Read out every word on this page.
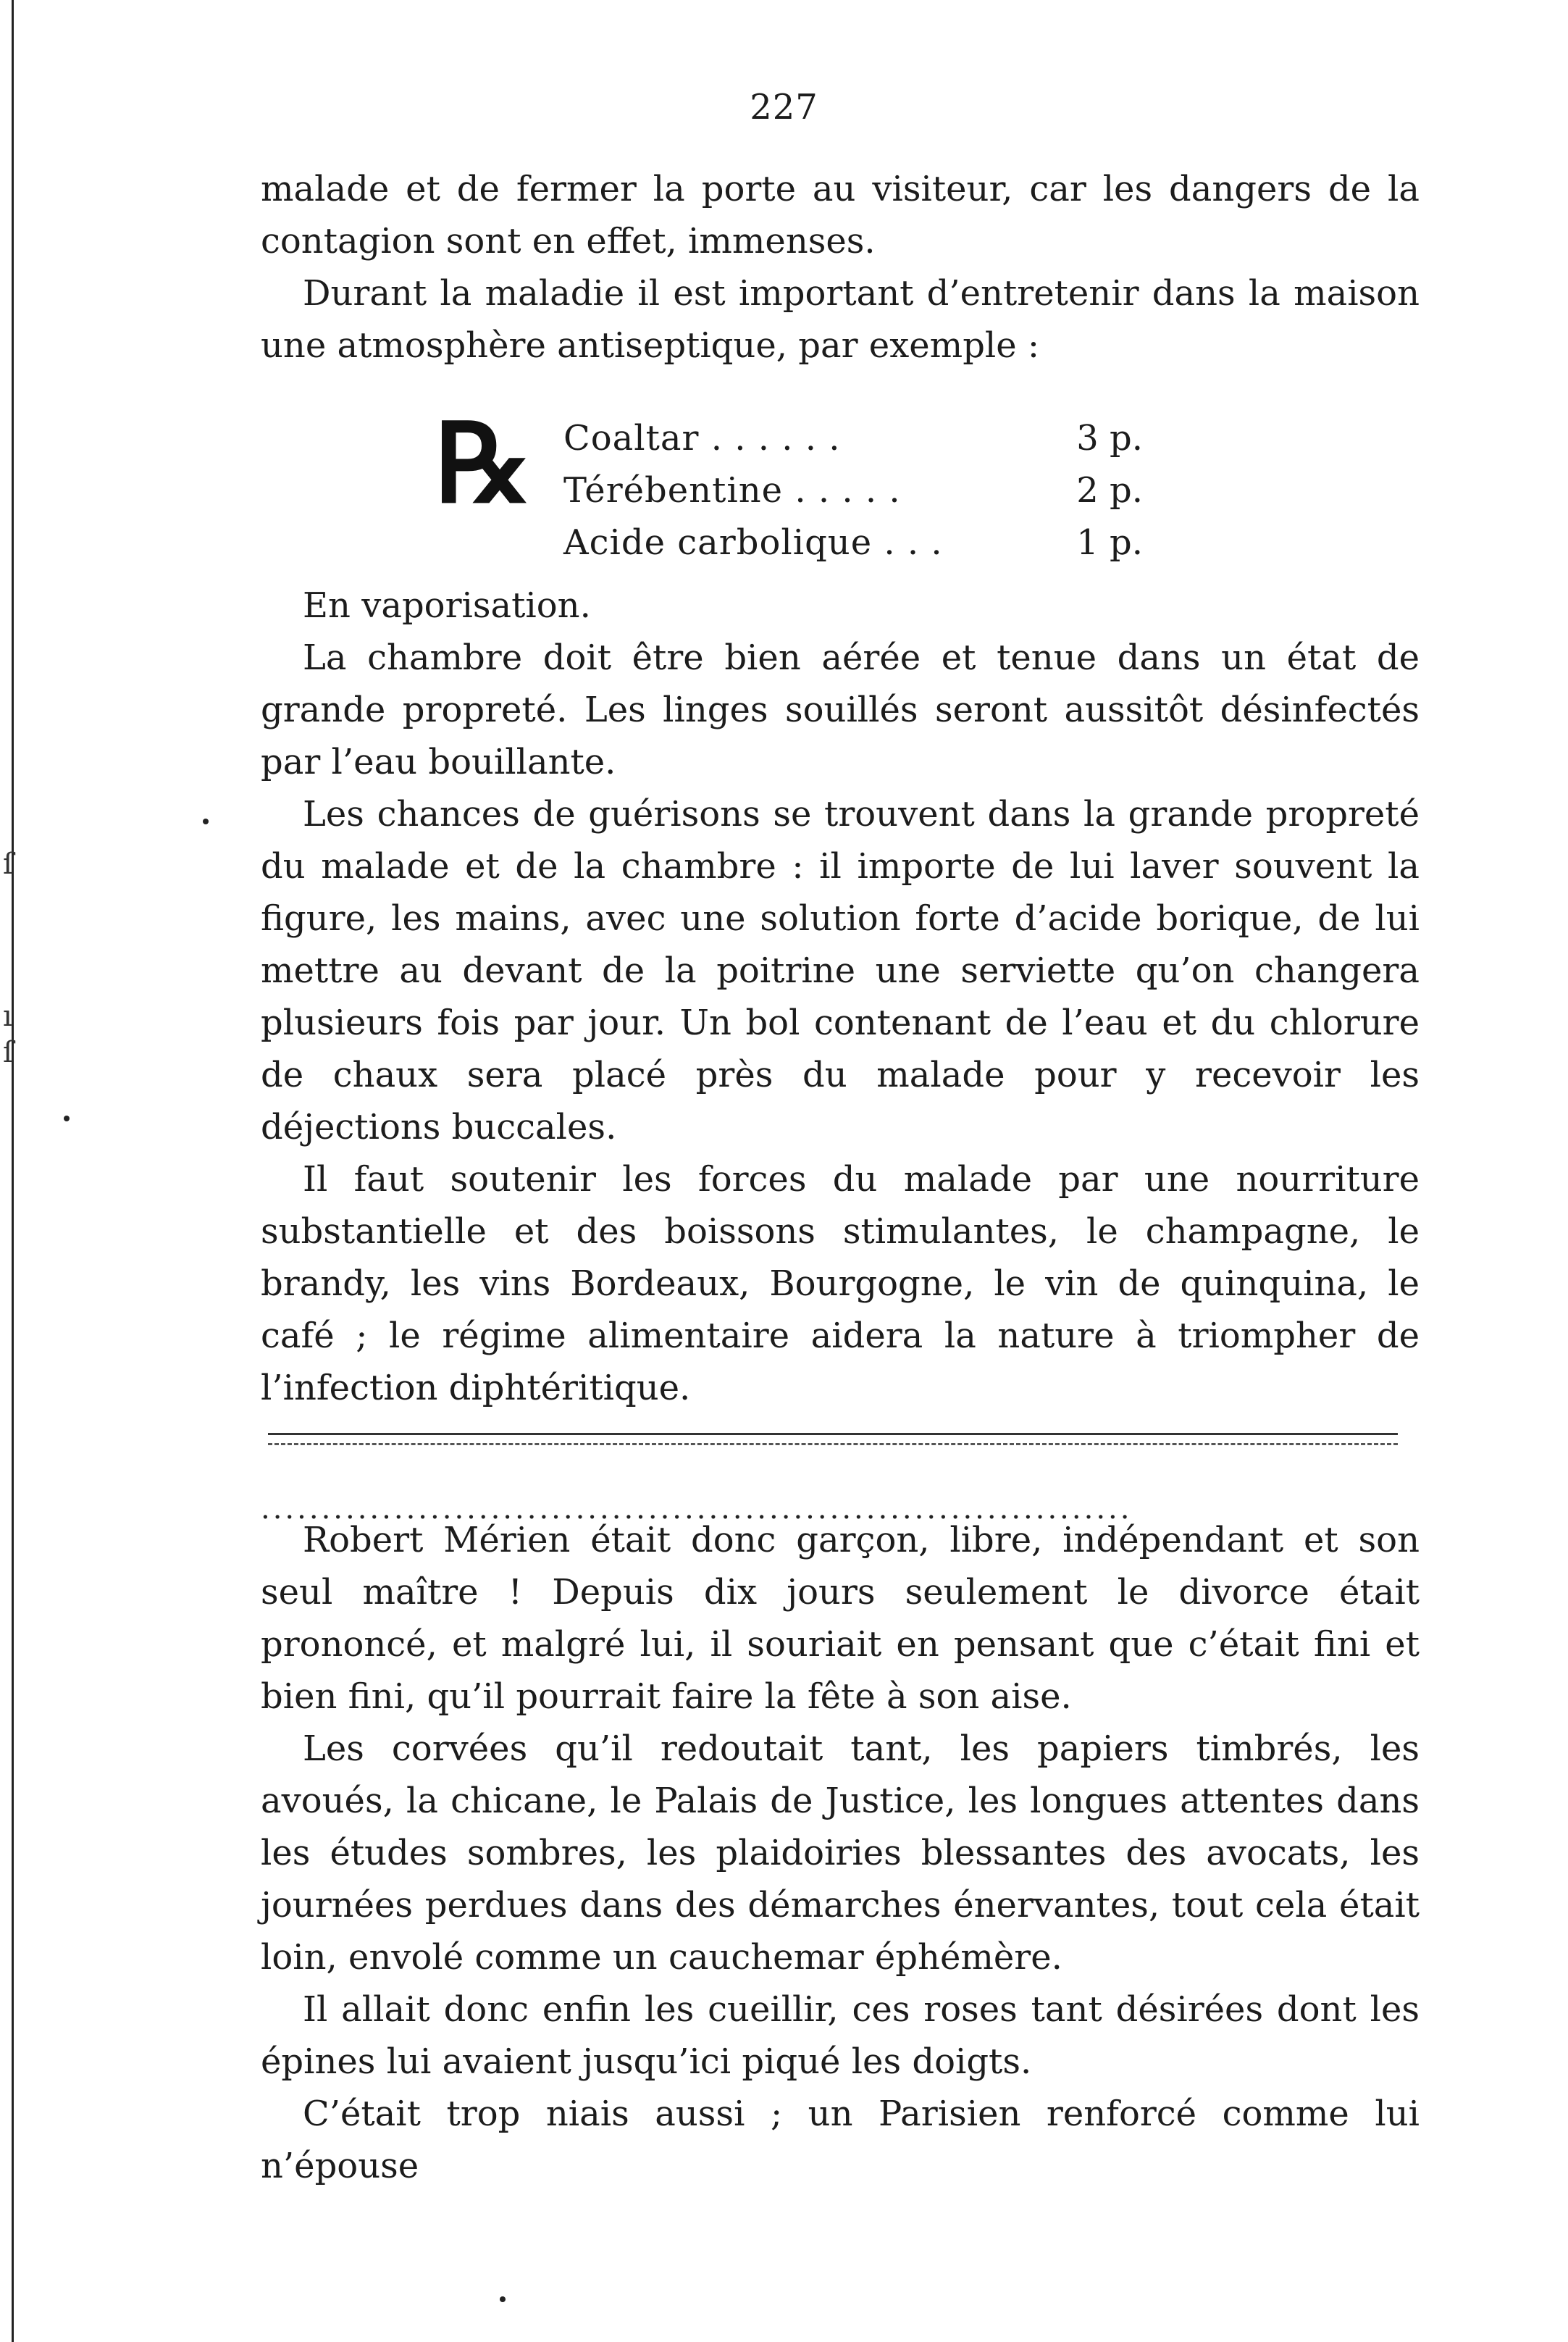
ſ
ı
ſ
227

malade et de fermer la porte au visiteur, car les dangers de la contagion sont en effet, immenses.

Durant la maladie il est important d’entretenir dans la maison une atmosphère antiseptique, par exemple :

℞ Coaltar . . . . . .	3 p.
Térébentine . . . . .	2 p.
Acide carbolique . . .	1 p.

En vaporisation.

La chambre doit être bien aérée et tenue dans un état de grande propreté. Les linges souillés seront aussitôt désinfectés par l’eau bouillante.

Les chances de guérisons se trouvent dans la grande propreté du malade et de la chambre : il importe de lui laver souvent la figure, les mains, avec une solution forte d’acide borique, de lui mettre au devant de la poitrine une serviette qu’on changera plusieurs fois par jour. Un bol contenant de l’eau et du chlorure de chaux sera placé près du malade pour y recevoir les déjections buccales.

Il faut soutenir les forces du malade par une nourriture substantielle et des boissons stimulantes, le champagne, le brandy, les vins Bordeaux, Bourgogne, le vin de quinquina, le café ; le régime alimentaire aidera la nature à triompher de l’infection diphtéritique.

........................................................................

Robert Mérien était donc garçon, libre, indépendant et son seul maître ! Depuis dix jours seulement le divorce était prononcé, et malgré lui, il souriait en pensant que c’était fini et bien fini, qu’il pourrait faire la fête à son aise.

Les corvées qu’il redoutait tant, les papiers timbrés, les avoués, la chicane, le Palais de Justice, les longues attentes dans les études sombres, les plaidoiries blessantes des avocats, les journées perdues dans des démarches énervantes, tout cela était loin, envolé comme un cauchemar éphémère.

Il allait donc enfin les cueillir, ces roses tant désirées dont les épines lui avaient jusqu’ici piqué les doigts.

C’était trop niais aussi ; un Parisien renforcé comme lui n’épouse
